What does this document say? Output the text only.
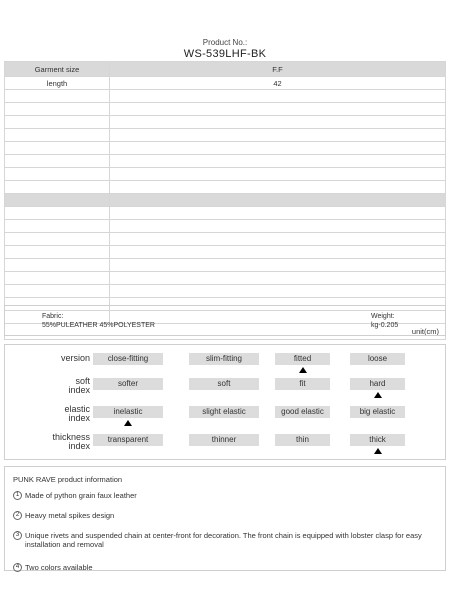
Product No.:
WS-539LHF-BK
Garment size	F.F
length	42

unit(cm)	
Fabric:
55%PULEATHER 45%POLYESTER
Weight:
kg-0.205
version	close-fitting	slim-fitting	fitted	loose
soft
index
softer	soft	fit	hard
elastic
index
inelastic	slight elastic	good elastic	big elastic
thickness
index
transparent	thinner	thin	thick
PUNK RAVE product information
1 Made of python grain faux leather
2 Heavy metal spikes design
3 Unique rivets and suspended chain at center-front for decoration. The front chain is equipped with lobster clasp for easy installation and removal
4 Two colors available
